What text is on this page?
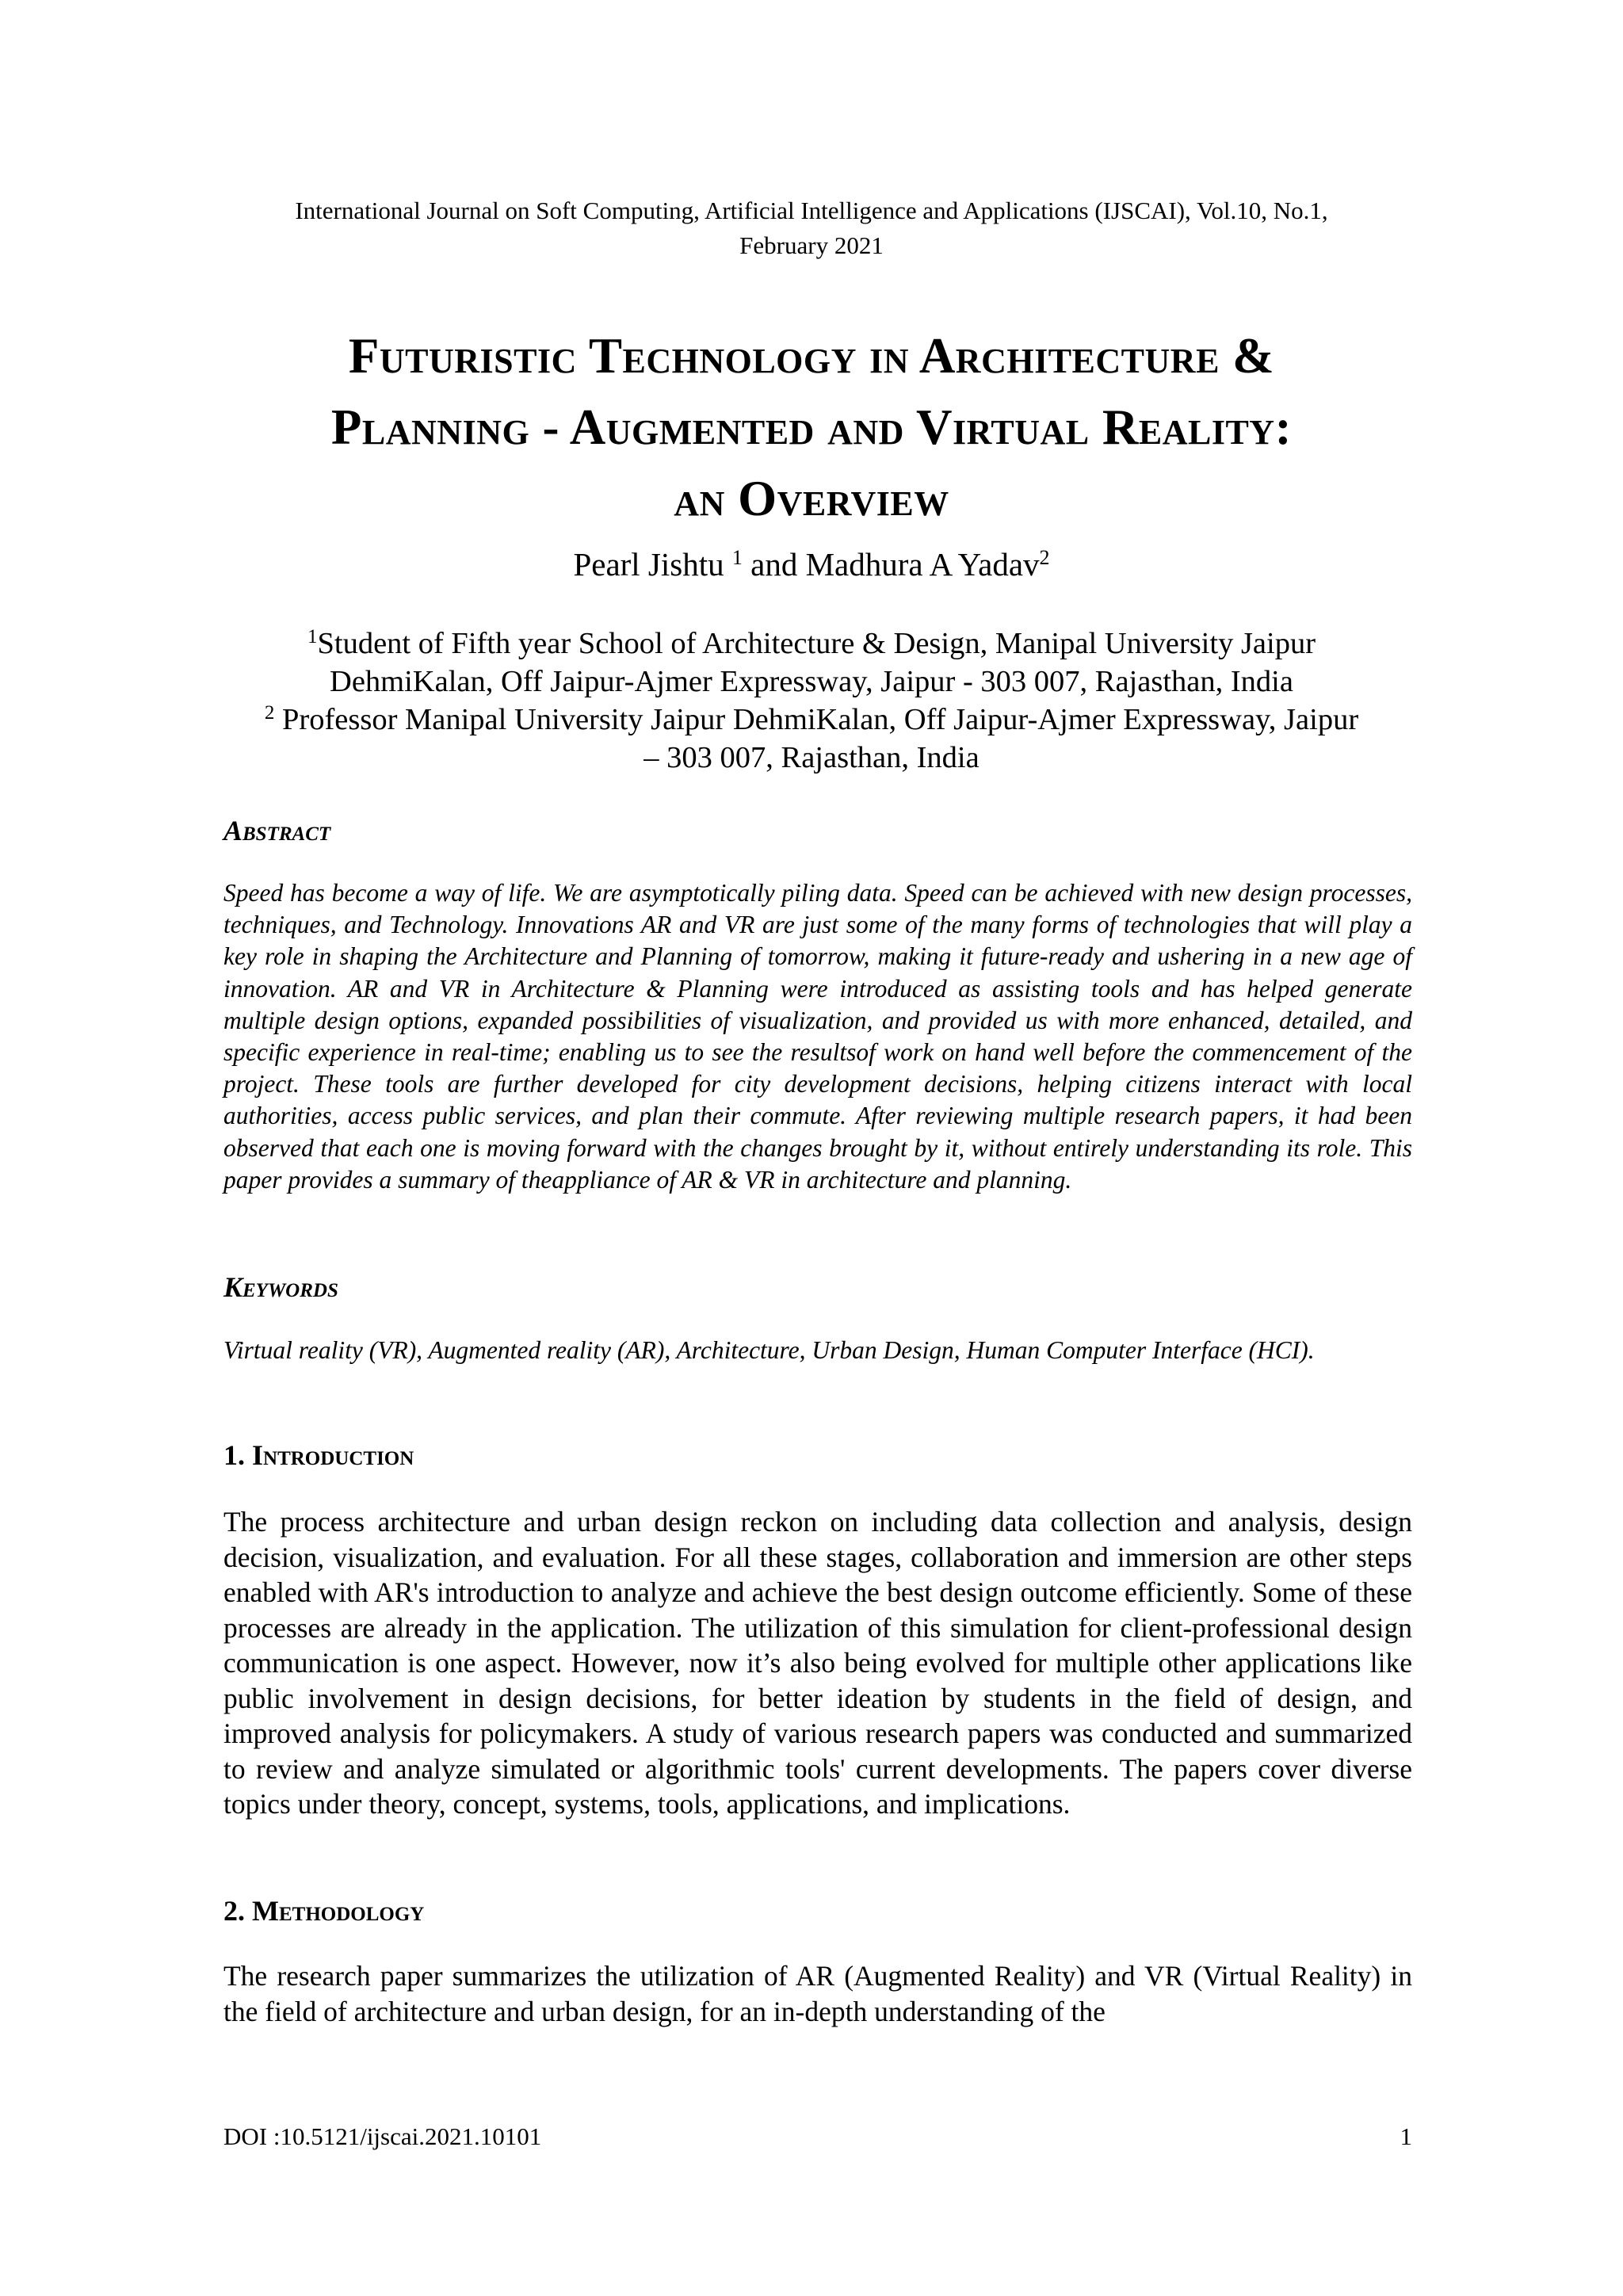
International Journal on Soft Computing, Artificial Intelligence and Applications (IJSCAI), Vol.10, No.1,
February 2021
Futuristic Technology in Architecture &
Planning - Augmented and Virtual Reality:
an Overview
Pearl Jishtu $^1$ and Madhura A Yadav$^2$
$^1$Student of Fifth year School of Architecture & Design, Manipal University Jaipur
DehmiKalan, Off Jaipur-Ajmer Expressway, Jaipur - 303 007, Rajasthan, India
$^2$ Professor Manipal University Jaipur DehmiKalan, Off Jaipur-Ajmer Expressway, Jaipur
– 303 007, Rajasthan, India
Abstract
Speed has become a way of life. We are asymptotically piling data. Speed can be achieved with new design processes, techniques, and Technology. Innovations AR and VR are just some of the many forms of technologies that will play a key role in shaping the Architecture and Planning of tomorrow, making it future-ready and ushering in a new age of innovation. AR and VR in Architecture & Planning were introduced as assisting tools and has helped generate multiple design options, expanded possibilities of visualization, and provided us with more enhanced, detailed, and specific experience in real-time; enabling us to see the resultsof work on hand well before the commencement of the project. These tools are further developed for city development decisions, helping citizens interact with local authorities, access public services, and plan their commute. After reviewing multiple research papers, it had been observed that each one is moving forward with the changes brought by it, without entirely understanding its role. This paper provides a summary of theappliance of AR & VR in architecture and planning.
Keywords
Virtual reality (VR), Augmented reality (AR), Architecture, Urban Design, Human Computer Interface (HCI).
1. Introduction
The process architecture and urban design reckon on including data collection and analysis, design decision, visualization, and evaluation. For all these stages, collaboration and immersion are other steps enabled with AR's introduction to analyze and achieve the best design outcome efficiently. Some of these processes are already in the application. The utilization of this simulation for client-professional design communication is one aspect. However, now it’s also being evolved for multiple other applications like public involvement in design decisions, for better ideation by students in the field of design, and improved analysis for policymakers. A study of various research papers was conducted and summarized to review and analyze simulated or algorithmic tools' current developments. The papers cover diverse topics under theory, concept, systems, tools, applications, and implications.
2. Methodology
The research paper summarizes the utilization of AR (Augmented Reality) and VR (Virtual Reality) in the field of architecture and urban design, for an in-depth understanding of the
DOI :10.5121/ijscai.2021.10101	1
